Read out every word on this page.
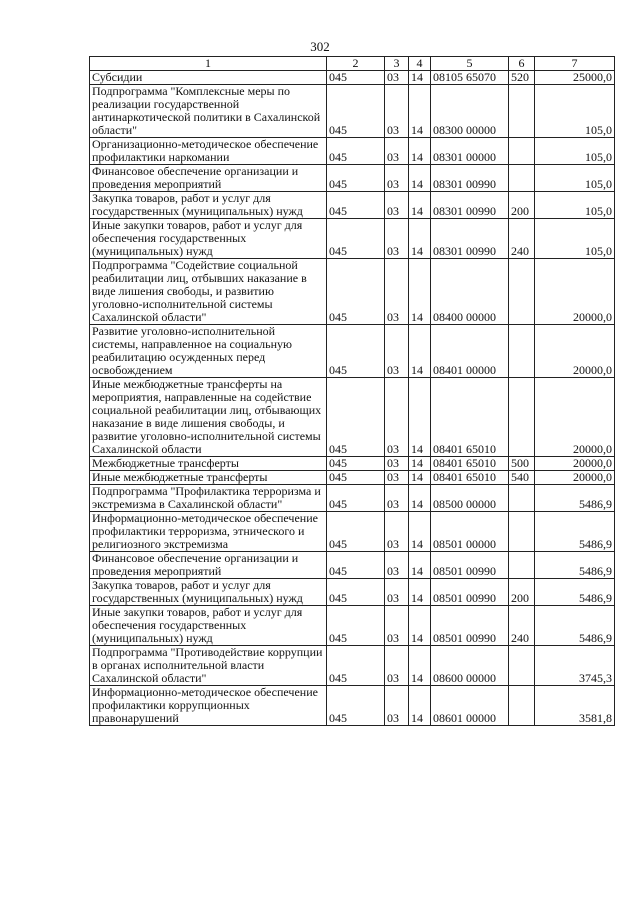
302
1	2	3	4	5	6	7
Субсидии	045	03	14	08105 65070	520	25000,0
Подпрограмма "Комплексные меры по реализации государственной антинаркотической политики в Сахалинской области"	045	03	14	08300 00000		105,0
Организационно-методическое обеспечение профилактики наркомании	045	03	14	08301 00000		105,0
Финансовое обеспечение организации и проведения мероприятий	045	03	14	08301 00990		105,0
Закупка товаров, работ и услуг для государственных (муниципальных) нужд	045	03	14	08301 00990	200	105,0
Иные закупки товаров, работ и услуг для обеспечения государственных (муниципальных) нужд	045	03	14	08301 00990	240	105,0
Подпрограмма "Содействие социальной реабилитации лиц, отбывших наказание в виде лишения свободы, и развитию уголовно-исполнительной системы Сахалинской области"	045	03	14	08400 00000		20000,0
Развитие уголовно-исполнительной системы, направленное на социальную реабилитацию осужденных перед освобождением	045	03	14	08401 00000		20000,0
Иные межбюджетные трансферты на мероприятия, направленные на содействие социальной реабилитации лиц, отбывающих наказание в виде лишения свободы, и развитие уголовно-исполнительной системы Сахалинской области	045	03	14	08401 65010		20000,0
Межбюджетные трансферты	045	03	14	08401 65010	500	20000,0
Иные межбюджетные трансферты	045	03	14	08401 65010	540	20000,0
Подпрограмма "Профилактика терроризма и экстремизма в Сахалинской области"	045	03	14	08500 00000		5486,9
Информационно-методическое обеспечение профилактики терроризма, этнического и религиозного экстремизма	045	03	14	08501 00000		5486,9
Финансовое обеспечение организации и проведения мероприятий	045	03	14	08501 00990		5486,9
Закупка товаров, работ и услуг для государственных (муниципальных) нужд	045	03	14	08501 00990	200	5486,9
Иные закупки товаров, работ и услуг для обеспечения государственных (муниципальных) нужд	045	03	14	08501 00990	240	5486,9
Подпрограмма "Противодействие коррупции в органах исполнительной власти Сахалинской области"	045	03	14	08600 00000		3745,3
Информационно-методическое обеспечение профилактики коррупционных правонарушений	045	03	14	08601 00000		3581,8
